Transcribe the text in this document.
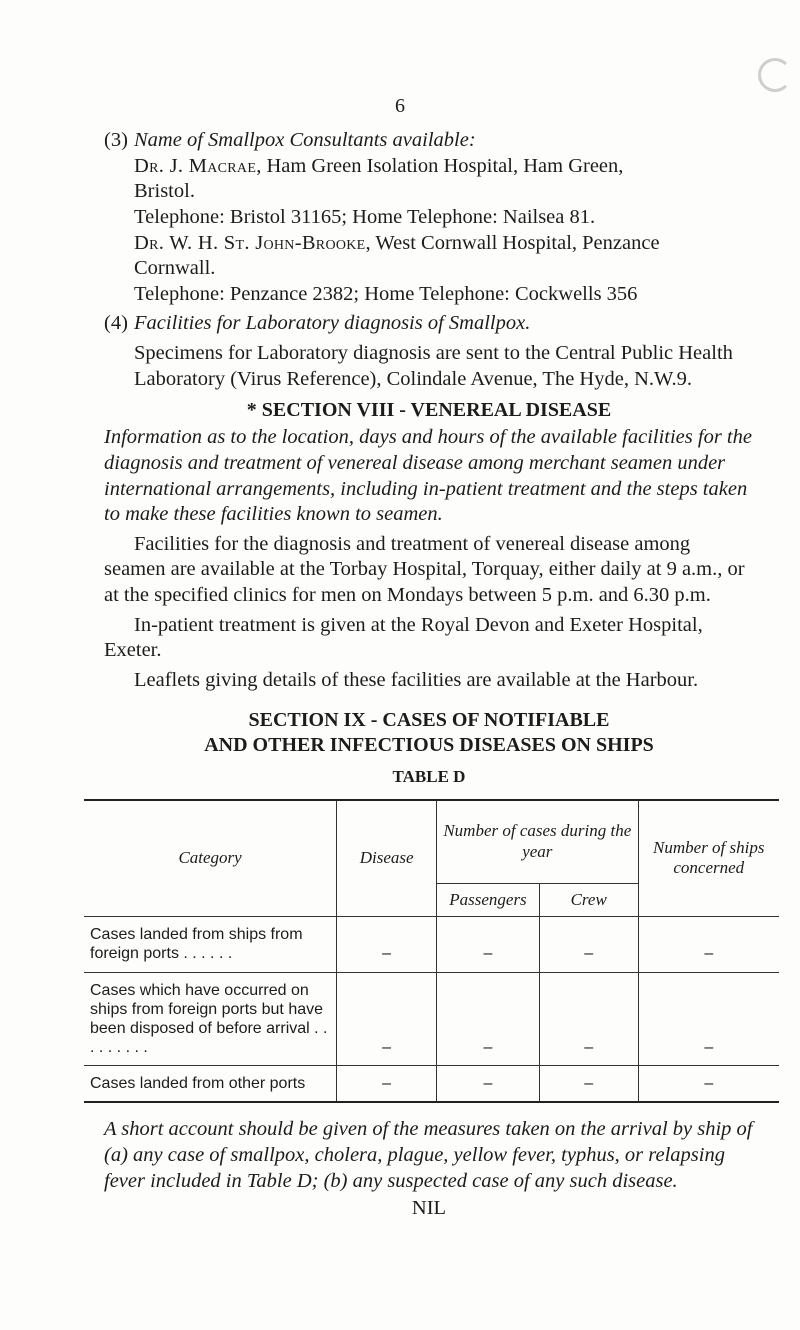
6
(3) Name of Smallpox Consultants available:
Dr. J. Macrae, Ham Green Isolation Hospital, Ham Green,
Bristol.
Telephone: Bristol 31165; Home Telephone: Nailsea 81.
Dr. W. H. St. John-Brooke, West Cornwall Hospital, Penzance
Cornwall.
Telephone: Penzance 2382; Home Telephone: Cockwells 356
(4) Facilities for Laboratory diagnosis of Smallpox.
Specimens for Laboratory diagnosis are sent to the Central Public Health Laboratory (Virus Reference), Colindale Avenue, The Hyde, N.W.9.
* SECTION VIII - VENEREAL DISEASE
Information as to the location, days and hours of the available facilities for the diagnosis and treatment of venereal disease among merchant seamen under international arrangements, including in-patient treatment and the steps taken to make these facilities known to seamen.
Facilities for the diagnosis and treatment of venereal disease among seamen are available at the Torbay Hospital, Torquay, either daily at 9 a.m., or at the specified clinics for men on Mondays between 5 p.m. and 6.30 p.m.
In-patient treatment is given at the Royal Devon and Exeter Hospital, Exeter.
Leaflets giving details of these facilities are available at the Harbour.
SECTION IX - CASES OF NOTIFIABLE
AND OTHER INFECTIOUS DISEASES ON SHIPS
TABLE D
Category	Disease	Number of cases during the year		Number of ships concerned
		Passengers	Crew	
Cases landed from ships from foreign ports . . . . . .	–	–	–	–
Cases which have occurred on ships from foreign ports but have been disposed of before arrival . . . . . . . . .	–	–	–	–
Cases landed from other ports	–	–	–	–
A short account should be given of the measures taken on the arrival by ship of (a) any case of smallpox, cholera, plague, yellow fever, typhus, or relapsing fever included in Table D; (b) any suspected case of any such disease.
NIL
